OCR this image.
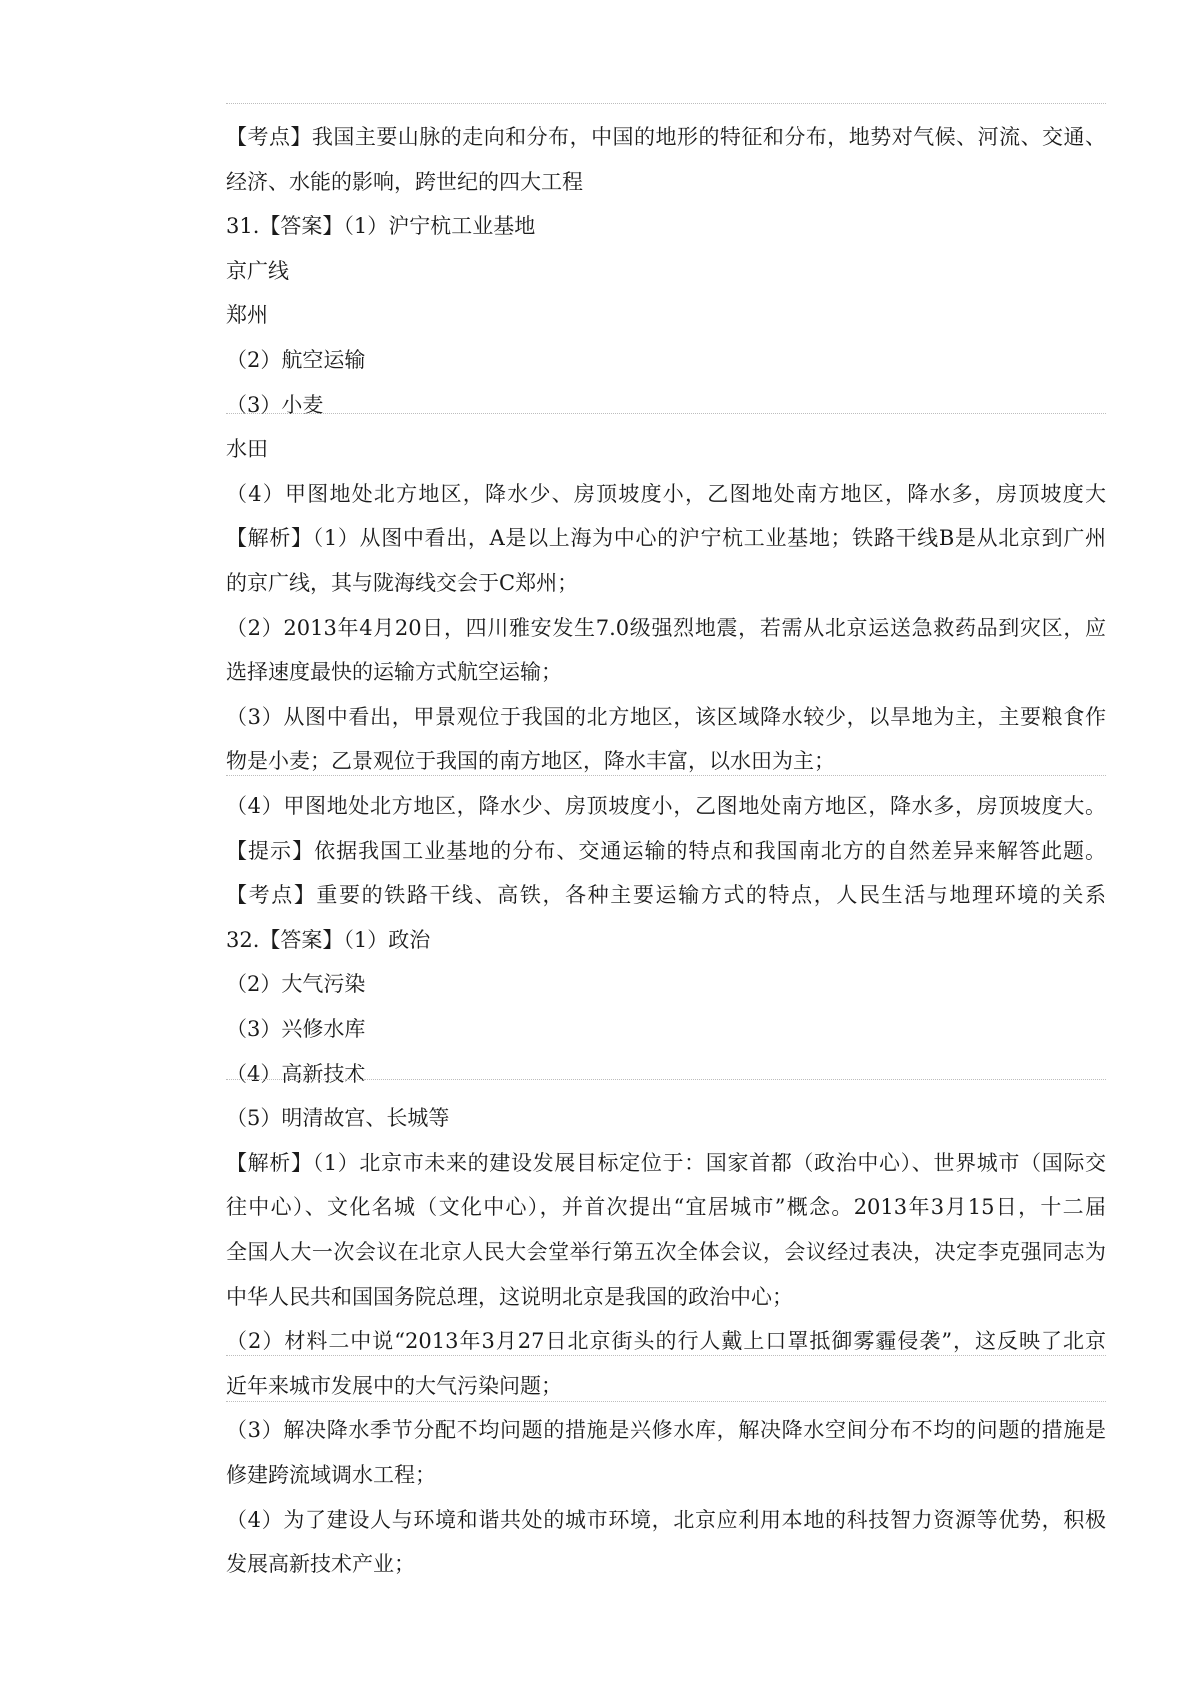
【考点】我国主要山脉的走向和分布，中国的地形的特征和分布，地势对气候、河流、交通、
经济、水能的影响，跨世纪的四大工程
31.【答案】（1）沪宁杭工业基地
京广线
郑州
（2）航空运输
（3）小麦
水田
（4）甲图地处北方地区，降水少、房顶坡度小，乙图地处南方地区，降水多，房顶坡度大
【解析】（1）从图中看出，A是以上海为中心的沪宁杭工业基地；铁路干线B是从北京到广州
的京广线，其与陇海线交会于C郑州；
（2）2013年4月20日，四川雅安发生7.0级强烈地震，若需从北京运送急救药品到灾区，应
选择速度最快的运输方式航空运输；
（3）从图中看出，甲景观位于我国的北方地区，该区域降水较少，以旱地为主，主要粮食作
物是小麦；乙景观位于我国的南方地区，降水丰富，以水田为主；
（4）甲图地处北方地区，降水少、房顶坡度小，乙图地处南方地区，降水多，房顶坡度大。
【提示】依据我国工业基地的分布、交通运输的特点和我国南北方的自然差异来解答此题。
【考点】重要的铁路干线、高铁，各种主要运输方式的特点，人民生活与地理环境的关系
32.【答案】（1）政治
（2）大气污染
（3）兴修水库
（4）高新技术
（5）明清故宫、长城等
【解析】（1）北京市未来的建设发展目标定位于：国家首都（政治中心）、世界城市（国际交
往中心）、文化名城（文化中心），并首次提出“宜居城市”概念。2013年3月15日，十二届
全国人大一次会议在北京人民大会堂举行第五次全体会议，会议经过表决，决定李克强同志为
中华人民共和国国务院总理，这说明北京是我国的政治中心；
（2）材料二中说“2013年3月27日北京街头的行人戴上口罩抵御雾霾侵袭”，这反映了北京
近年来城市发展中的大气污染问题；
（3）解决降水季节分配不均问题的措施是兴修水库，解决降水空间分布不均的问题的措施是
修建跨流域调水工程；
（4）为了建设人与环境和谐共处的城市环境，北京应利用本地的科技智力资源等优势，积极
发展高新技术产业；
